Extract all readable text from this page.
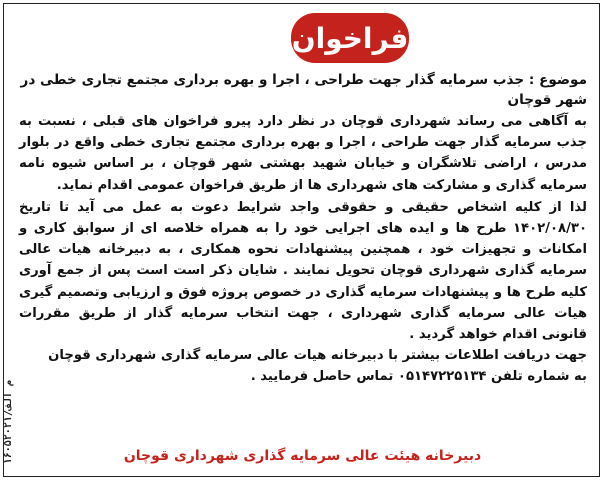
فراخوان
موضوع : جذب سرمایه گذار جهت طراحی ، اجرا و بهره برداری مجتمع تجاری خطی در شهر قوچان
به آگاهی می رساند شهرداری قوچان در نظر دارد پیرو فراخوان های قبلی ، نسبت به جذب سرمایه گذار جهت طراحی ، اجرا و بهره برداری مجتمع تجاری خطی واقع در بلوار مدرس ، اراضی تلاشگران و خیابان شهید بهشتی شهر قوچان ، بر اساس شیوه نامه سرمایه گذاری و مشارکت های شهرداری ها از طریق فراخوان عمومی اقدام نماید.
لذا از کلیه اشخاص حقیقی و حقوقی واجد شرایط دعوت به عمل می آید تا تاریخ ۱۴۰۲/۰۸/۳۰ طرح ها و ایده های اجرایی خود را به همراه خلاصه ای از سوابق کاری و امکانات و تجهیزات خود ، همچنین پیشنهادات نحوه همکاری ، به دبیرخانه هیات عالی سرمایه گذاری شهرداری قوچان تحویل نمایند . شایان ذکر است است پس از جمع آوری کلیه طرح ها و پیشنهادات سرمایه گذاری در خصوص پروژه فوق و ارزیابی وتصمیم گیری هیات عالی سرمایه گذاری شهرداری ، جهت انتخاب سرمایه گذار از طریق مقررات قانونی اقدام خواهد گردید .
جهت دریافت اطلاعات بیشتر با دبیرخانه هیات عالی سرمایه گذاری شهرداری قوچان
به شماره تلفن ۰۵۱۴۷۲۲۵۱۳۴ تماس حاصل فرمایید .
دبیرخانه هیئت عالی سرمایه گذاری شهرداری قوچان
۱۶۰۵۲۰۲۱/م الف
